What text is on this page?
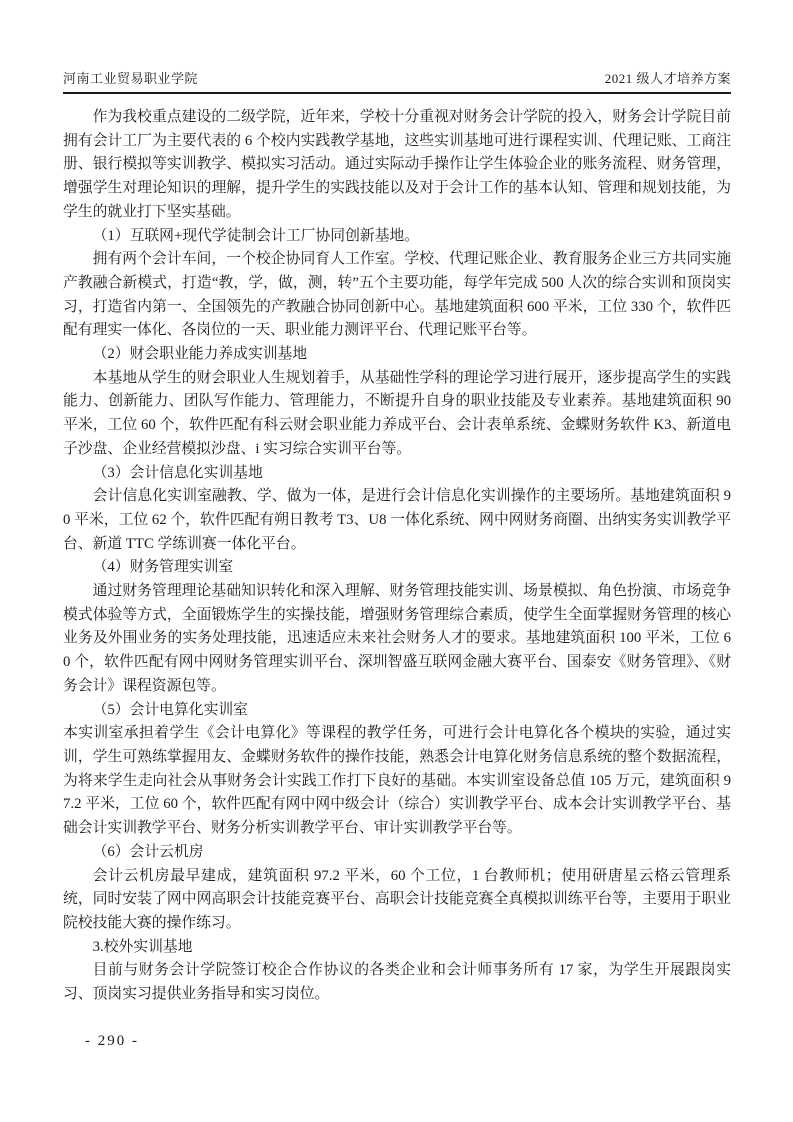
河南工业贸易职业学院	2021 级人才培养方案

作为我校重点建设的二级学院，近年来，学校十分重视对财务会计学院的投入，财务会计学院目前拥有会计工厂为主要代表的 6 个校内实践教学基地，这些实训基地可进行课程实训、代理记账、工商注册、银行模拟等实训教学、模拟实习活动。通过实际动手操作让学生体验企业的账务流程、财务管理，增强学生对理论知识的理解，提升学生的实践技能以及对于会计工作的基本认知、管理和规划技能，为学生的就业打下坚实基础。

（1）互联网+现代学徒制会计工厂协同创新基地。

拥有两个会计车间，一个校企协同育人工作室。学校、代理记账企业、教育服务企业三方共同实施产教融合新模式，打造“教，学，做，测，转”五个主要功能，每学年完成 500 人次的综合实训和顶岗实习，打造省内第一、全国领先的产教融合协同创新中心。基地建筑面积 600 平米，工位 330 个，软件匹配有理实一体化、各岗位的一天、职业能力测评平台、代理记账平台等。

（2）财会职业能力养成实训基地

本基地从学生的财会职业人生规划着手，从基础性学科的理论学习进行展开，逐步提高学生的实践能力、创新能力、团队写作能力、管理能力，不断提升自身的职业技能及专业素养。基地建筑面积 90 平米，工位 60 个，软件匹配有科云财会职业能力养成平台、会计表单系统、金蝶财务软件 K3、新道电子沙盘、企业经营模拟沙盘、i 实习综合实训平台等。

（3）会计信息化实训基地

会计信息化实训室融教、学、做为一体，是进行会计信息化实训操作的主要场所。基地建筑面积 90 平米，工位 62 个，软件匹配有朔日教考 T3、U8 一体化系统、网中网财务商圈、出纳实务实训教学平台、新道 TTC 学练训赛一体化平台。

（4）财务管理实训室

通过财务管理理论基础知识转化和深入理解、财务管理技能实训、场景模拟、角色扮演、市场竞争模式体验等方式，全面锻炼学生的实操技能，增强财务管理综合素质，使学生全面掌握财务管理的核心业务及外围业务的实务处理技能，迅速适应未来社会财务人才的要求。基地建筑面积 100 平米，工位 60 个，软件匹配有网中网财务管理实训平台、深圳智盛互联网金融大赛平台、国泰安《财务管理》、《财务会计》课程资源包等。

（5）会计电算化实训室

本实训室承担着学生《会计电算化》等课程的教学任务，可进行会计电算化各个模块的实验，通过实训，学生可熟练掌握用友、金蝶财务软件的操作技能，熟悉会计电算化财务信息系统的整个数据流程，为将来学生走向社会从事财务会计实践工作打下良好的基础。本实训室设备总值 105 万元，建筑面积 97.2 平米，工位 60 个，软件匹配有网中网中级会计（综合）实训教学平台、成本会计实训教学平台、基础会计实训教学平台、财务分析实训教学平台、审计实训教学平台等。

（6）会计云机房

会计云机房最早建成，建筑面积 97.2 平米，60 个工位，1 台教师机；使用研唐星云格云管理系统，同时安装了网中网高职会计技能竞赛平台、高职会计技能竞赛全真模拟训练平台等，主要用于职业院校技能大赛的操作练习。

3.校外实训基地

目前与财务会计学院签订校企合作协议的各类企业和会计师事务所有 17 家，为学生开展跟岗实习、顶岗实习提供业务指导和实习岗位。

- 290 -
